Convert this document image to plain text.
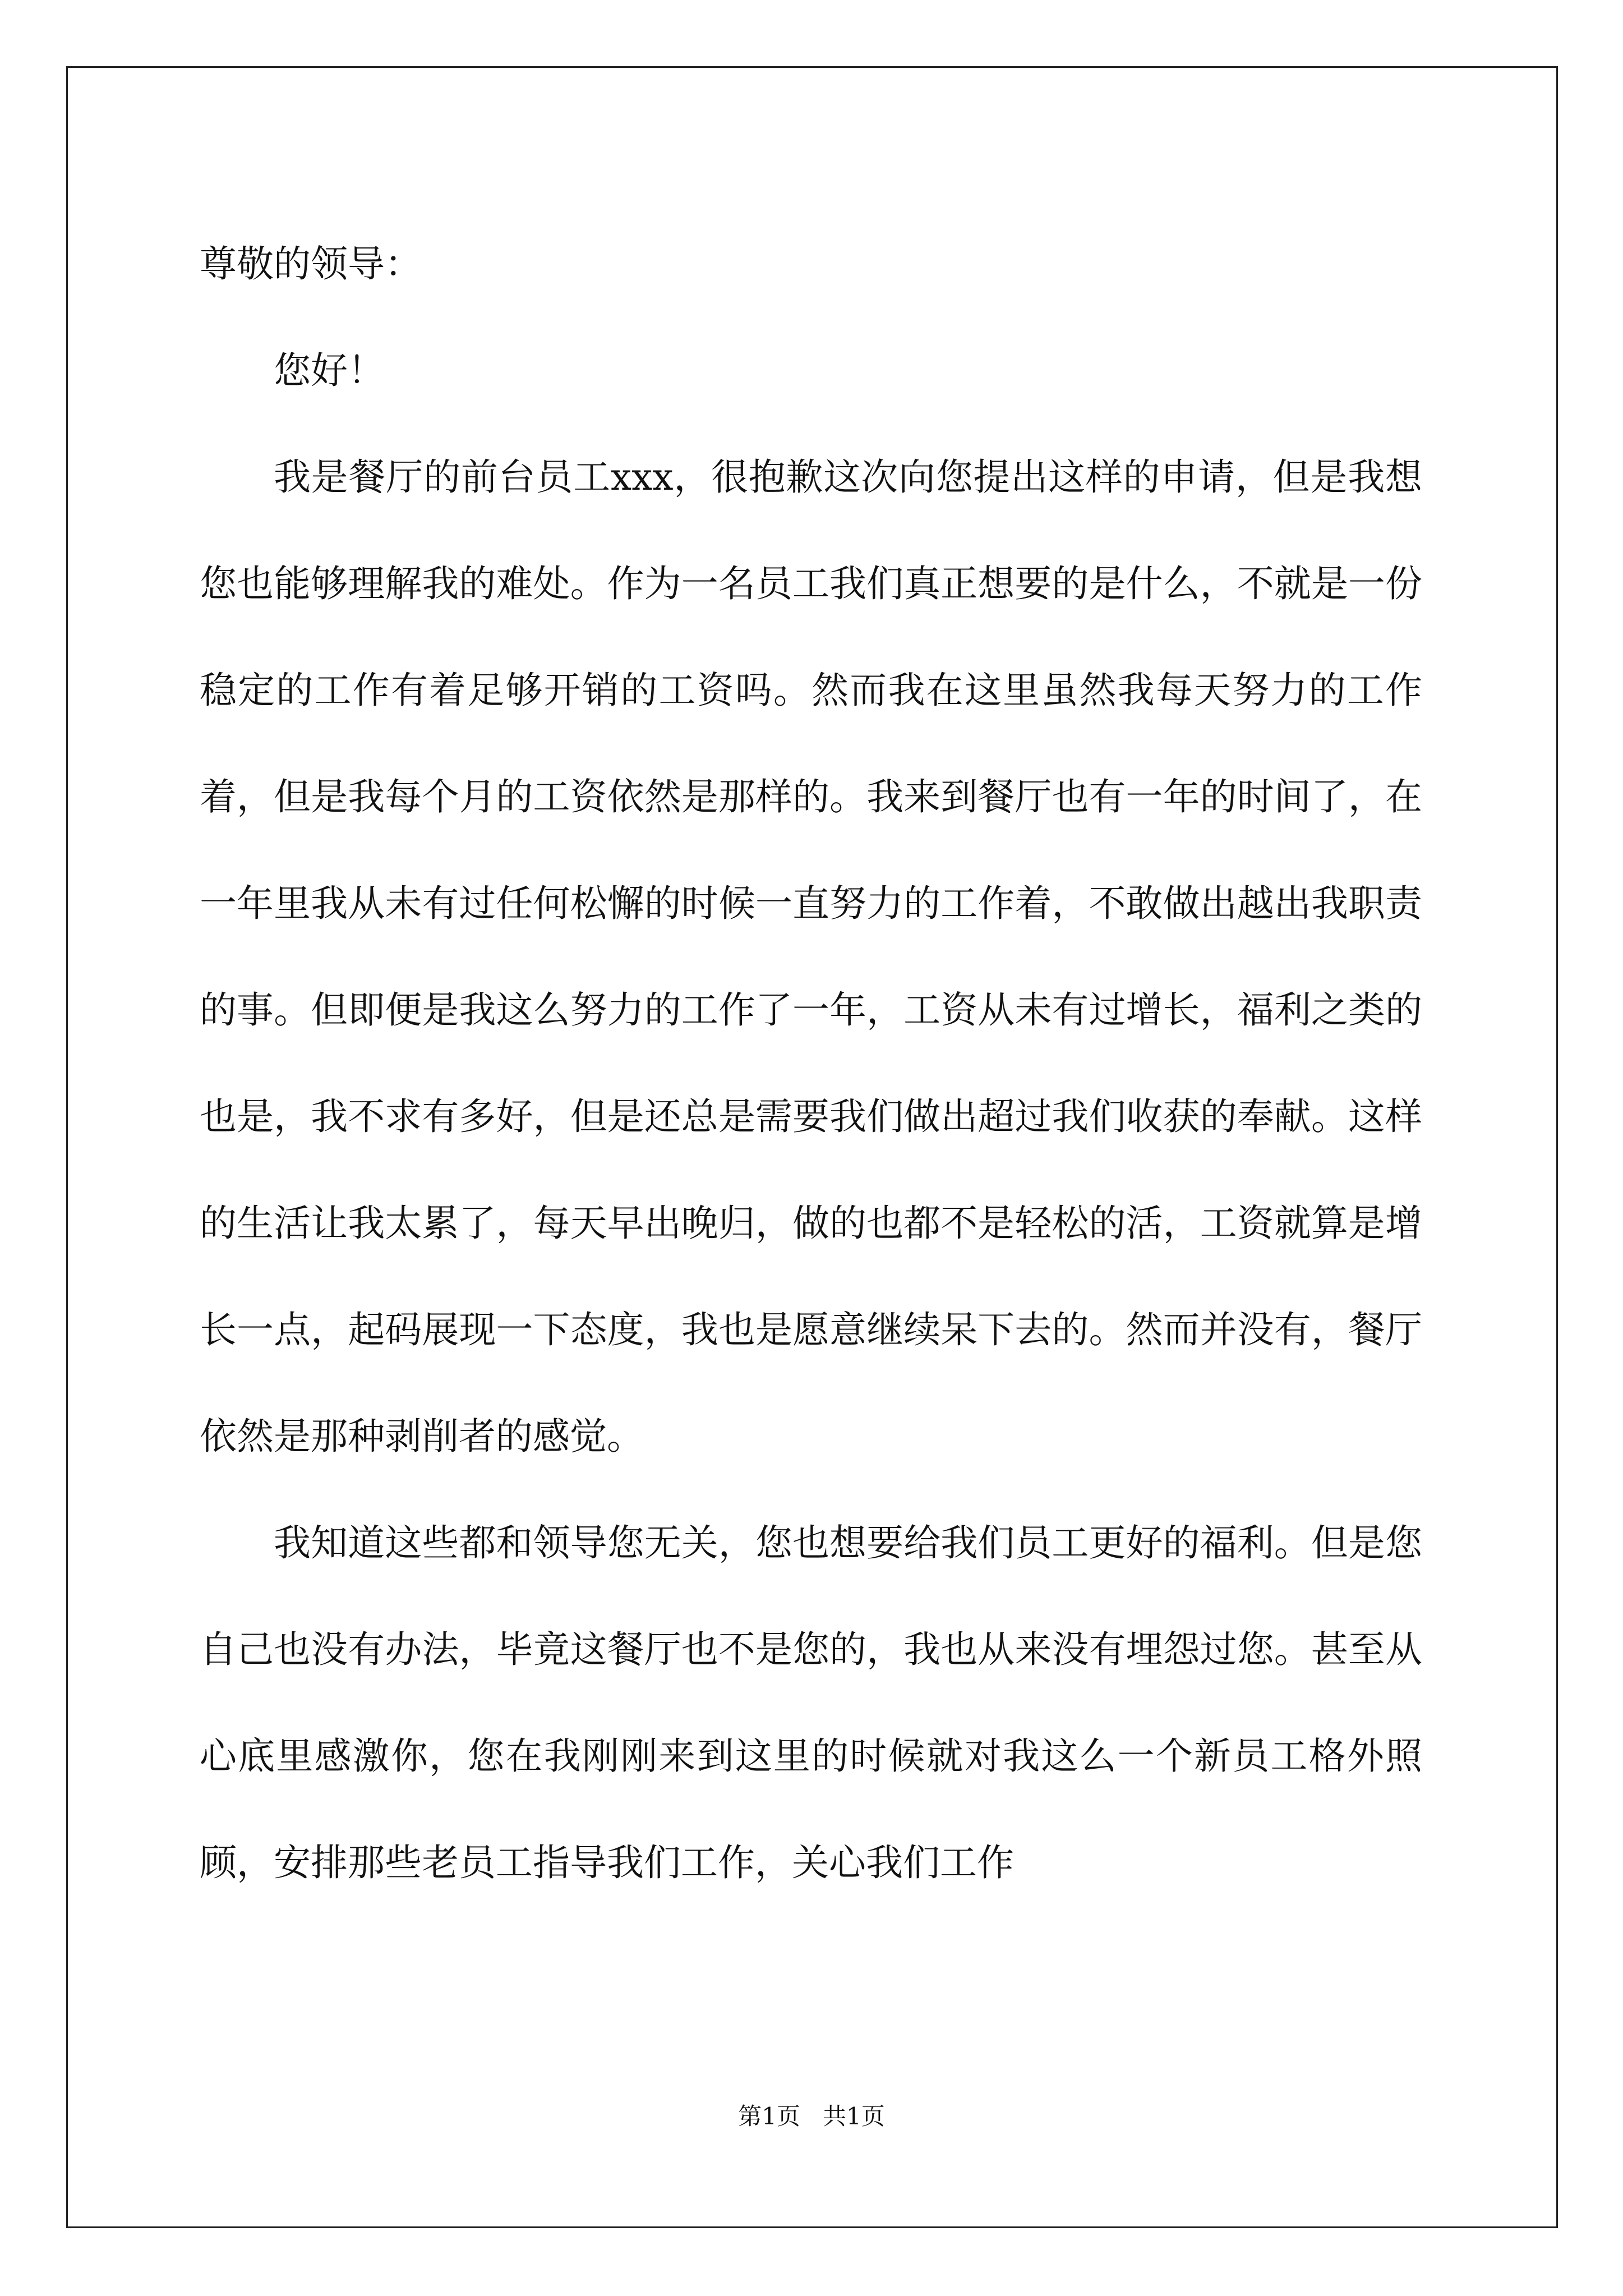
尊敬的领导：

您好！

我是餐厅的前台员工xxx，很抱歉这次向您提出这样的申请，但是我想您也能够理解我的难处。作为一名员工我们真正想要的是什么，不就是一份稳定的工作有着足够开销的工资吗。然而我在这里虽然我每天努力的工作着，但是我每个月的工资依然是那样的。我来到餐厅也有一年的时间了，在一年里我从未有过任何松懈的时候一直努力的工作着，不敢做出越出我职责的事。但即便是我这么努力的工作了一年，工资从未有过增长，福利之类的也是，我不求有多好，但是还总是需要我们做出超过我们收获的奉献。这样的生活让我太累了，每天早出晚归，做的也都不是轻松的活，工资就算是增长一点，起码展现一下态度，我也是愿意继续呆下去的。然而并没有，餐厅依然是那种剥削者的感觉。

我知道这些都和领导您无关，您也想要给我们员工更好的福利。但是您自己也没有办法，毕竟这餐厅也不是您的，我也从来没有埋怨过您。甚至从心底里感激你，您在我刚刚来到这里的时候就对我这么一个新员工格外照顾，安排那些老员工指导我们工作，关心我们工作

第1页   共1页
